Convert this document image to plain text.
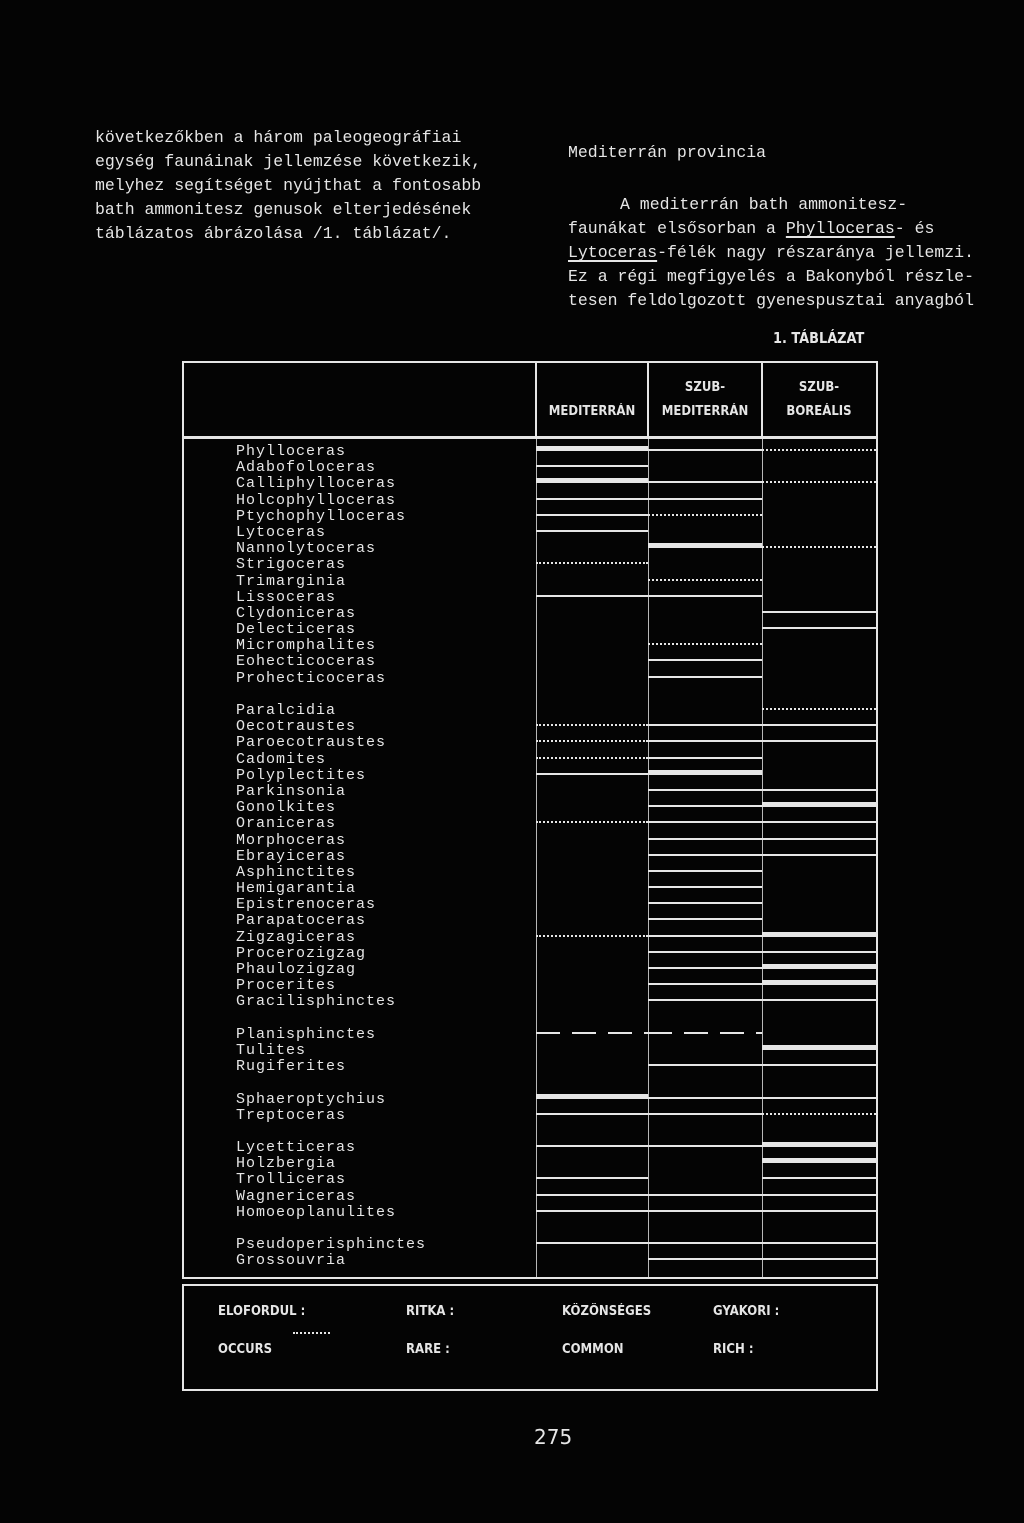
következőkben a három paleogeográfiai
egység faunáinak jellemzése következik,
melyhez segítséget nyújthat a fontosabb
bath ammonitesz genusok elterjedésének
táblázatos ábrázolása /1. táblázat/.
Mediterrán provincia
A mediterrán bath ammonitesz-
faunákat elsősorban a Phylloceras- és
Lytoceras-félék nagy részaránya jellemzi.
Ez a régi megfigyelés a Bakonyból részle-
tesen feldolgozott gyenespusztai anyagból
1. TÁBLÁZAT
MEDITERRÁN
SZUB-
MEDITERRÁN
SZUB-
BOREÁLIS
Phylloceras
Adabofoloceras
Calliphylloceras
Holcophylloceras
Ptychophylloceras
Lytoceras
Nannolytoceras
Strigoceras
Trimarginia
Lissoceras
Clydoniceras
Delecticeras
Micromphalites
Eohecticoceras
Prohecticoceras
Paralcidia
Oecotraustes
Paroecotraustes
Cadomites
Polyplectites
Parkinsonia
Gonolkites
Oraniceras
Morphoceras
Ebrayiceras
Asphinctites
Hemigarantia
Epistrenoceras
Parapatoceras
Zigzagiceras
Procerozigzag
Phaulozigzag
Procerites
Gracilisphinctes
Planisphinctes
Tulites
Rugiferites
Sphaeroptychius
Treptoceras
Lycetticeras
Holzbergia
Trolliceras
Wagnericeras
Homoeoplanulites
Pseudoperisphinctes
Grossouvria
ELOFORDUL :
OCCURS
RITKA :
RARE :
KÖZÖNSÉGES
COMMON
GYAKORI :
RICH :
275
